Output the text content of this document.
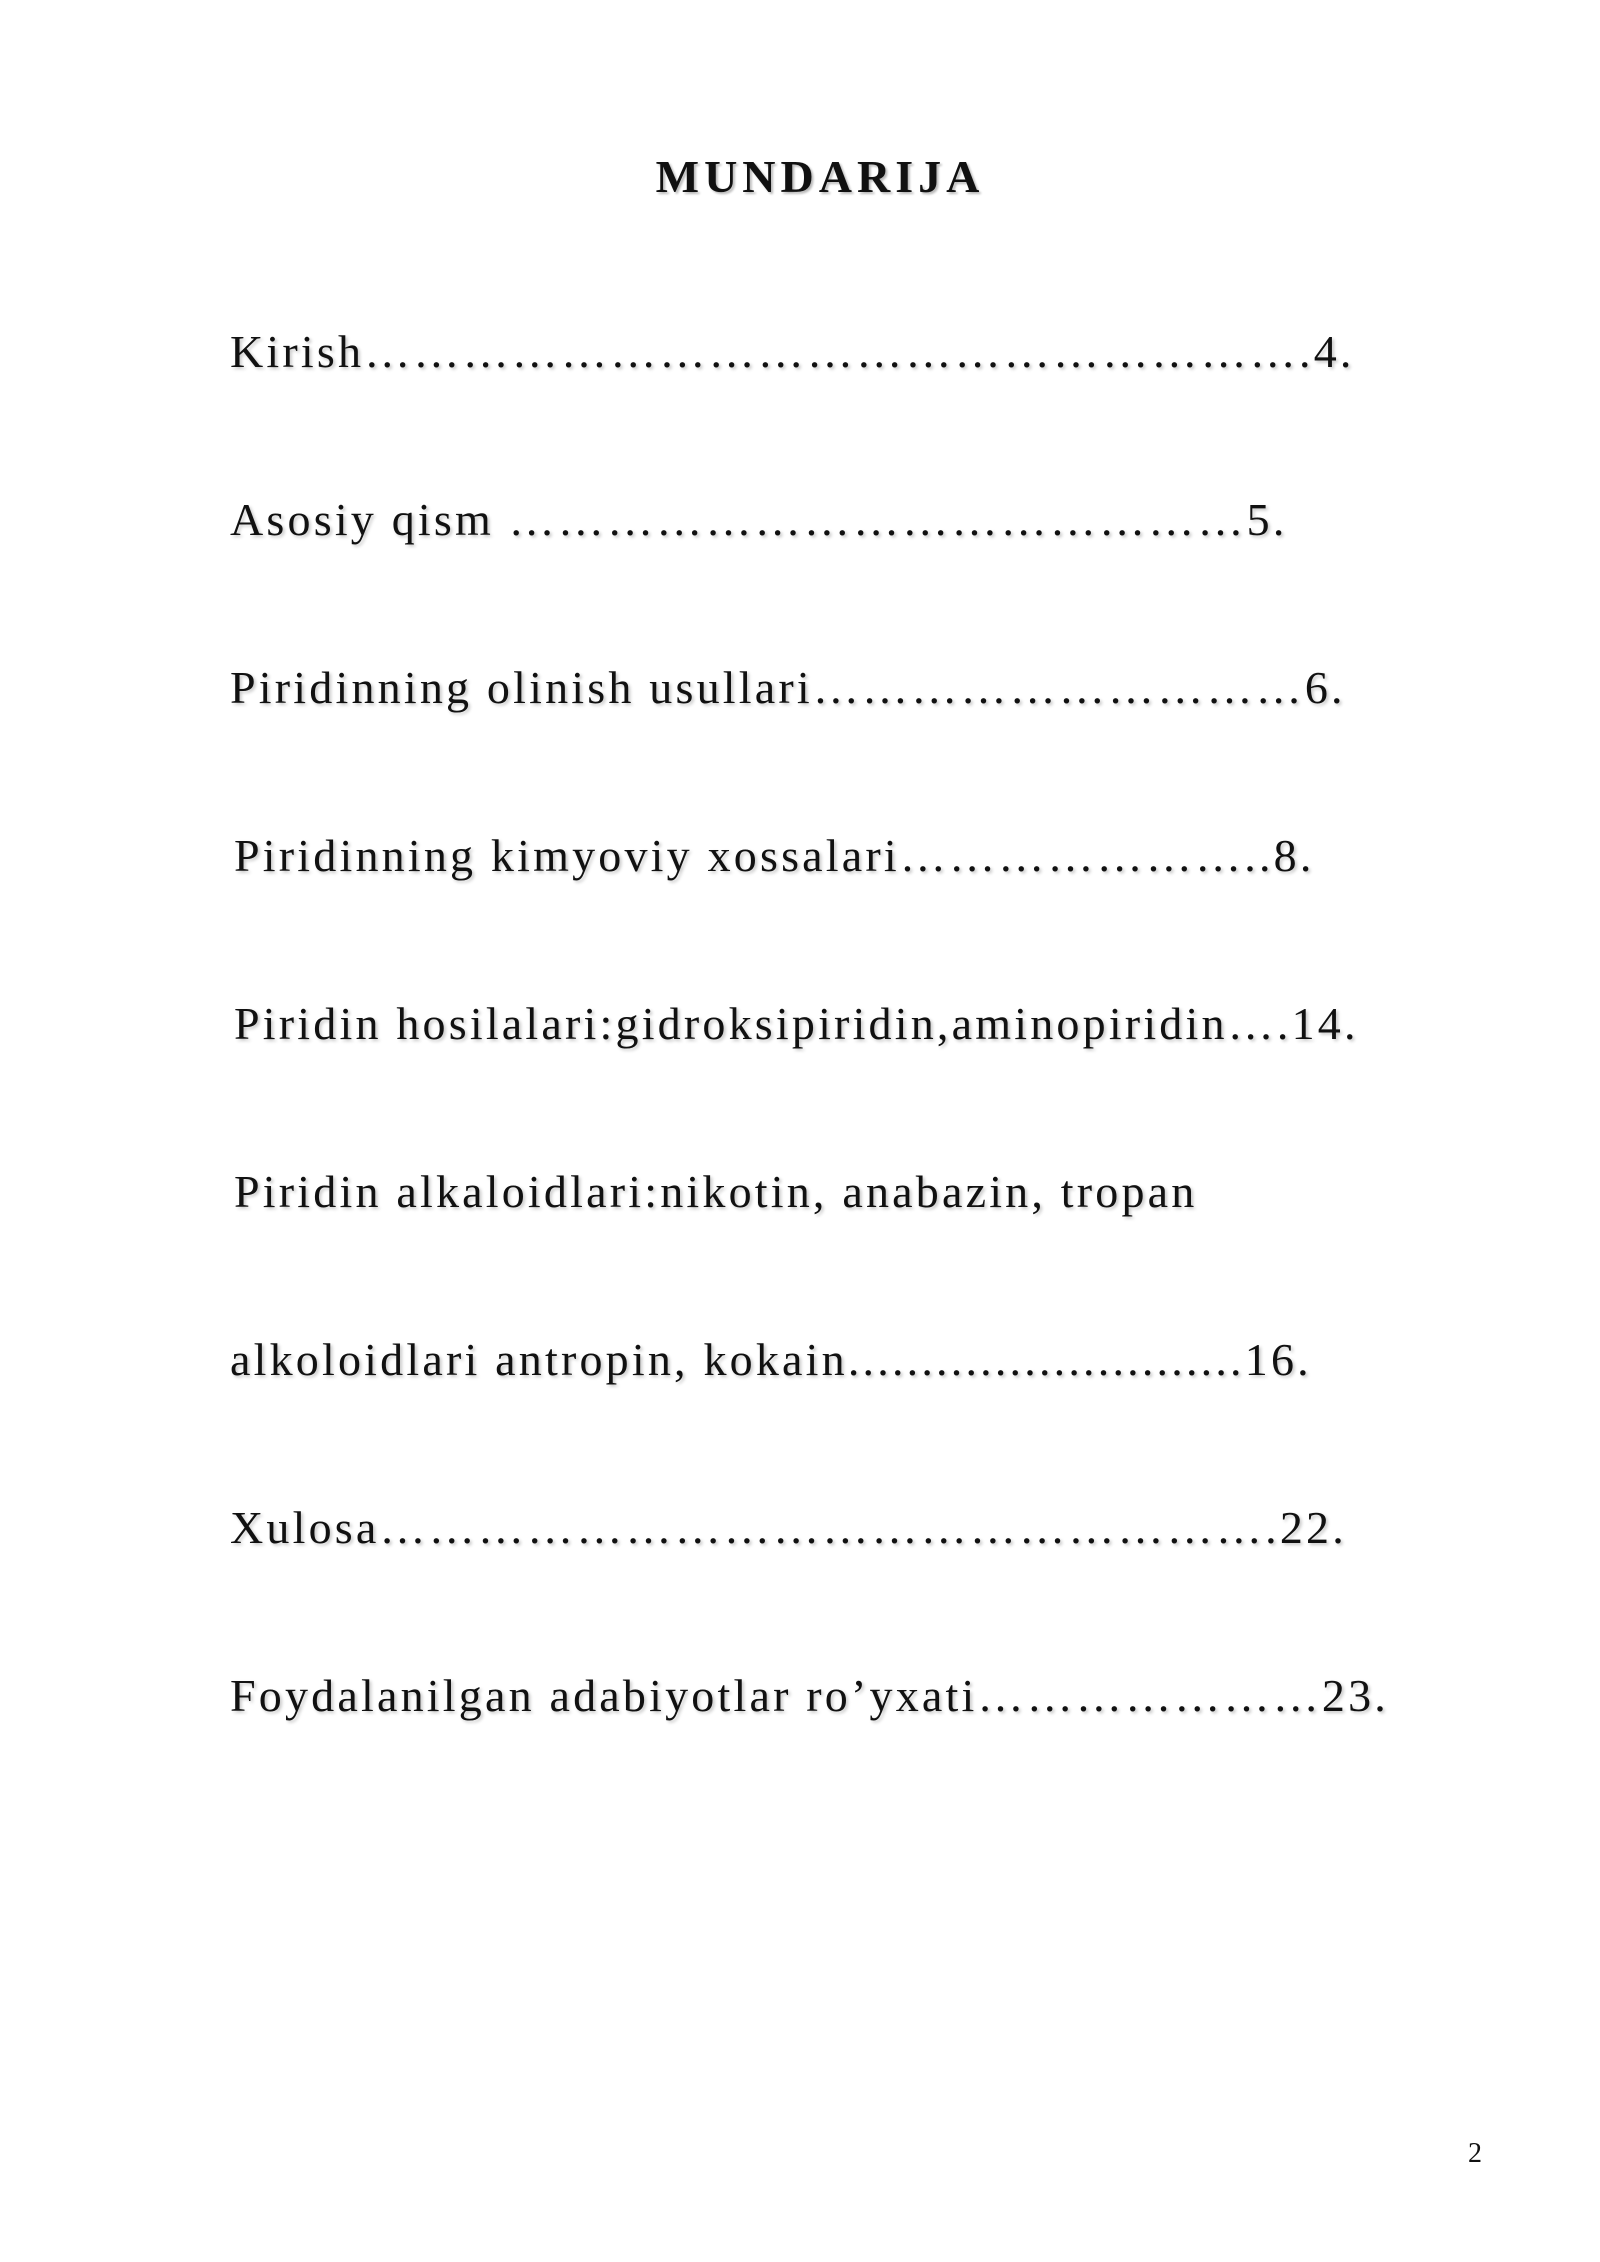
MUNDARIJA
Kirish………………………………………………….4.
Asosiy qism ………………………………………5.
Piridinning olinish usullari…………………………6.
Piridinning kimyoviy xossalari…………………..8.
Piridin hosilalari:gidroksipiridin,aminopiridin….14.
Piridin alkaloidlari:nikotin, anabazin, tropan
alkoloidlari antropin, kokain...........................16.
Xulosa……………………………………………….22.
Foydalanilgan adabiyotlar ro’yxati…………………23.
2
